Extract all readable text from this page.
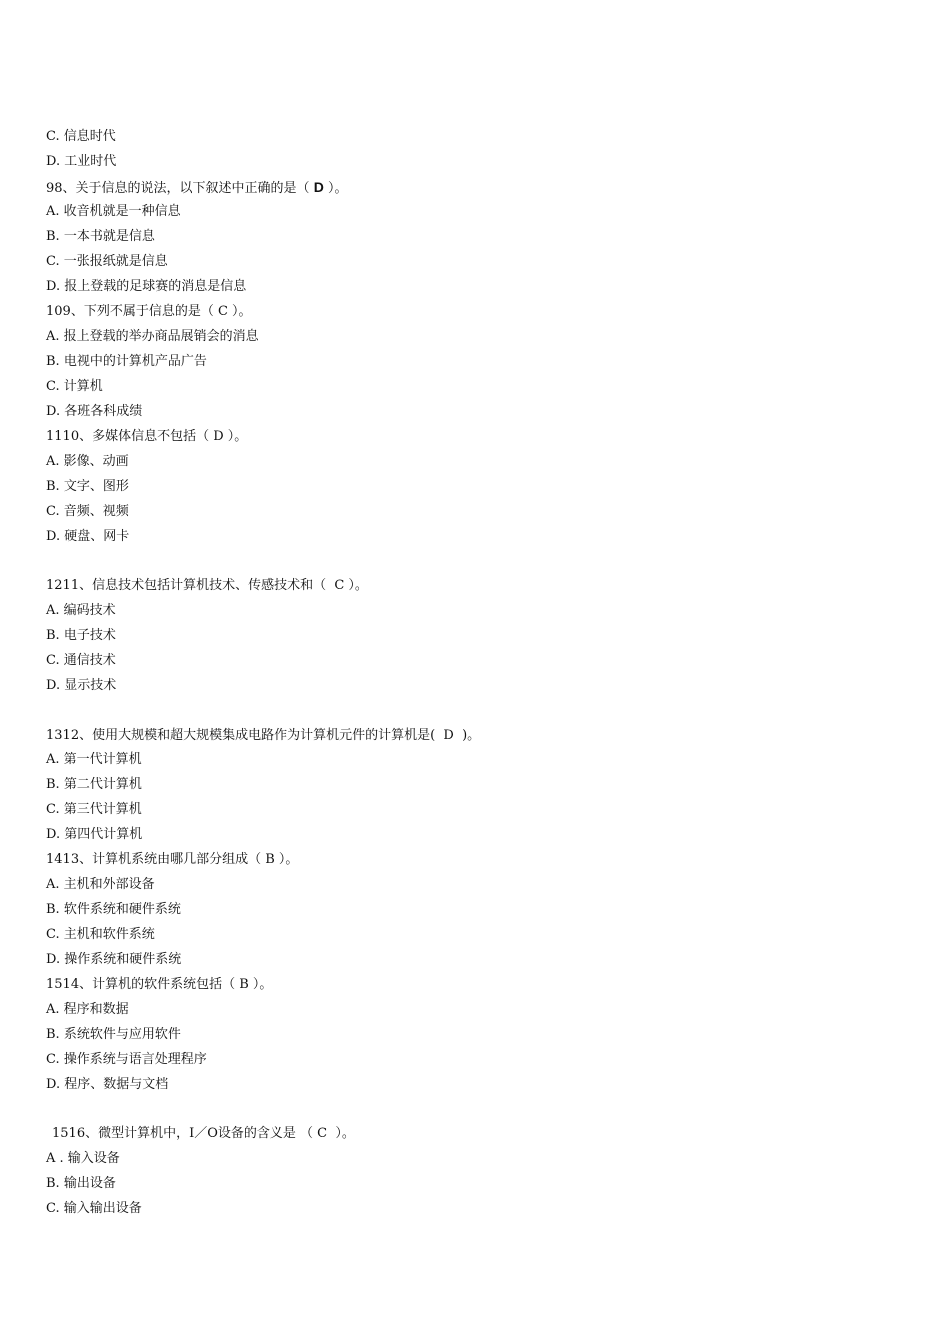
C. 信息时代
D. 工业时代
98、关于信息的说法，以下叙述中正确的是（ D ）。
A. 收音机就是一种信息
B. 一本书就是信息
C. 一张报纸就是信息
D. 报上登载的足球赛的消息是信息
109、下列不属于信息的是（ C ）。
A. 报上登载的举办商品展销会的消息
B. 电视中的计算机产品广告
C. 计算机
D. 各班各科成绩
1110、多媒体信息不包括（ D ）。
A. 影像、动画
B. 文字、图形
C. 音频、视频
D. 硬盘、网卡
1211、信息技术包括计算机技术、传感技术和（  C ）。
A. 编码技术
B. 电子技术
C. 通信技术
D. 显示技术
1312、使用大规模和超大规模集成电路作为计算机元件的计算机是(  D  )。
A. 第一代计算机
B. 第二代计算机
C. 第三代计算机
D. 第四代计算机
1413、计算机系统由哪几部分组成（ B ）。
A. 主机和外部设备
B. 软件系统和硬件系统
C. 主机和软件系统
D. 操作系统和硬件系统
1514、计算机的软件系统包括（ B ）。
A. 程序和数据
B. 系统软件与应用软件
C. 操作系统与语言处理程序
D. 程序、数据与文档
1516、微型计算机中，I／O设备的含义是 （ C  ）。
A . 输入设备
B. 输出设备
C. 输入输出设备
